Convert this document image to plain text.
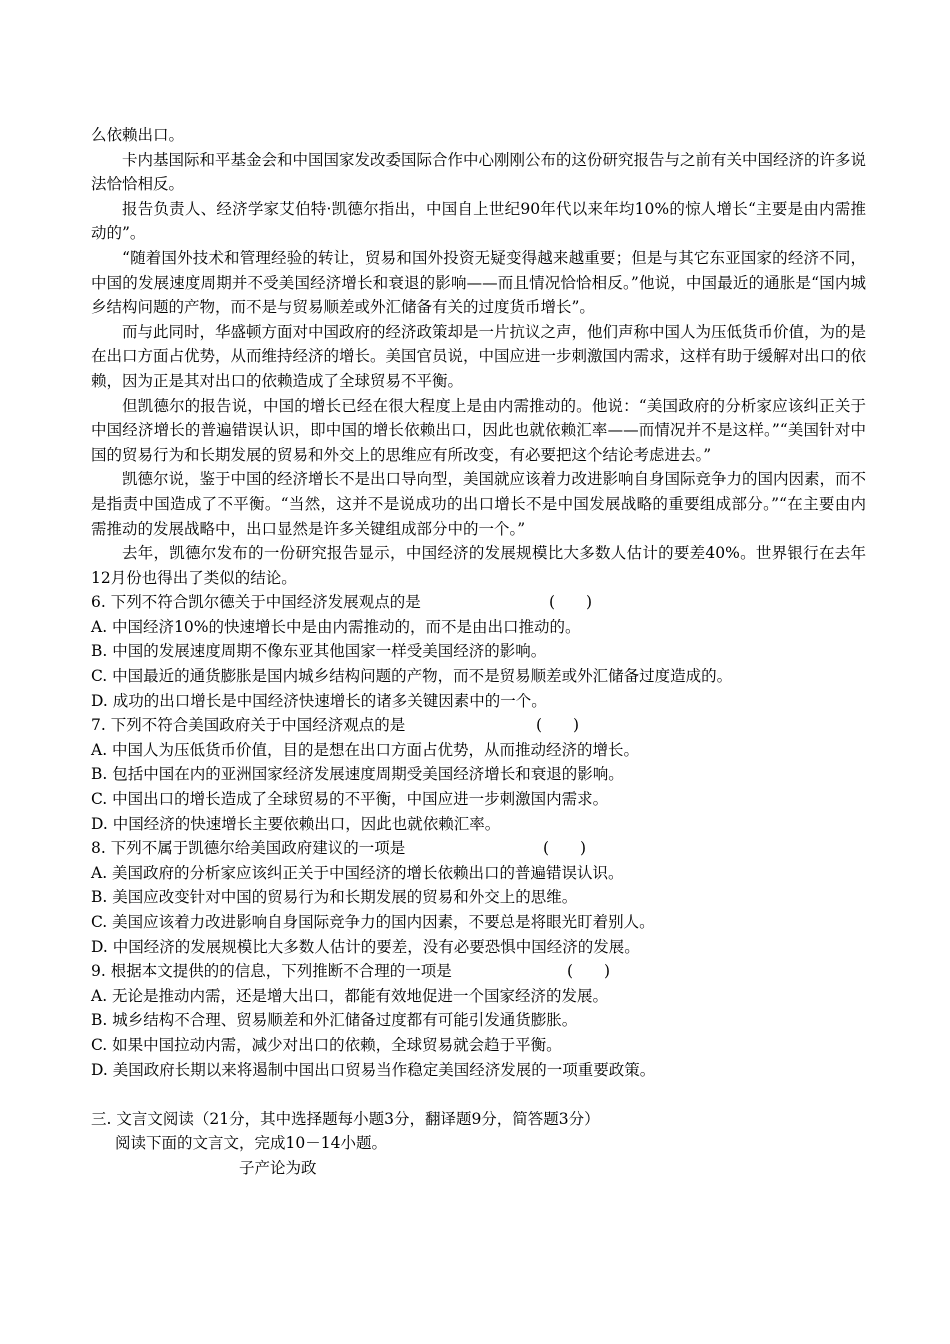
么依赖出口。

卡内基国际和平基金会和中国国家发改委国际合作中心刚刚公布的这份研究报告与之前有关中国经济的许多说法恰恰相反。

报告负责人、经济学家艾伯特·凯德尔指出，中国自上世纪90年代以来年均10%的惊人增长“主要是由内需推动的”。

“随着国外技术和管理经验的转让，贸易和国外投资无疑变得越来越重要；但是与其它东亚国家的经济不同，中国的发展速度周期并不受美国经济增长和衰退的影响——而且情况恰恰相反。”他说，中国最近的通胀是“国内城乡结构问题的产物，而不是与贸易顺差或外汇储备有关的过度货币增长”。

而与此同时，华盛顿方面对中国政府的经济政策却是一片抗议之声，他们声称中国人为压低货币价值，为的是在出口方面占优势，从而维持经济的增长。美国官员说，中国应进一步刺激国内需求，这样有助于缓解对出口的依赖，因为正是其对出口的依赖造成了全球贸易不平衡。

但凯德尔的报告说，中国的增长已经在很大程度上是由内需推动的。他说：“美国政府的分析家应该纠正关于中国经济增长的普遍错误认识，即中国的增长依赖出口，因此也就依赖汇率——而情况并不是这样。”“美国针对中国的贸易行为和长期发展的贸易和外交上的思维应有所改变，有必要把这个结论考虑进去。”

凯德尔说，鉴于中国的经济增长不是出口导向型，美国就应该着力改进影响自身国际竞争力的国内因素，而不是指责中国造成了不平衡。“当然，这并不是说成功的出口增长不是中国发展战略的重要组成部分。”“在主要由内需推动的发展战略中，出口显然是许多关键组成部分中的一个。”

去年，凯德尔发布的一份研究报告显示，中国经济的发展规模比大多数人估计的要差40%。世界银行在去年12月份也得出了类似的结论。

6. 下列不符合凯尔德关于中国经济发展观点的是	(　　)

A. 中国经济10%的快速增长中是由内需推动的，而不是由出口推动的。

B. 中国的发展速度周期不像东亚其他国家一样受美国经济的影响。

C. 中国最近的通货膨胀是国内城乡结构问题的产物，而不是贸易顺差或外汇储备过度造成的。

D. 成功的出口增长是中国经济快速增长的诸多关键因素中的一个。

7. 下列不符合美国政府关于中国经济观点的是	(　　)

A. 中国人为压低货币价值，目的是想在出口方面占优势，从而推动经济的增长。

B. 包括中国在内的亚洲国家经济发展速度周期受美国经济增长和衰退的影响。

C. 中国出口的增长造成了全球贸易的不平衡，中国应进一步刺激国内需求。

D. 中国经济的快速增长主要依赖出口，因此也就依赖汇率。

8. 下列不属于凯德尔给美国政府建议的一项是	(　　)

A. 美国政府的分析家应该纠正关于中国经济的增长依赖出口的普遍错误认识。

B. 美国应改变针对中国的贸易行为和长期发展的贸易和外交上的思维。

C. 美国应该着力改进影响自身国际竞争力的国内因素，不要总是将眼光盯着别人。

D. 中国经济的发展规模比大多数人估计的要差，没有必要恐惧中国经济的发展。

9. 根据本文提供的的信息，下列推断不合理的一项是	(　　)

A. 无论是推动内需，还是增大出口，都能有效地促进一个国家经济的发展。

B. 城乡结构不合理、贸易顺差和外汇储备过度都有可能引发通货膨胀。

C. 如果中国拉动内需，减少对出口的依赖，全球贸易就会趋于平衡。

D. 美国政府长期以来将遏制中国出口贸易当作稳定美国经济发展的一项重要政策。

三. 文言文阅读（21分，其中选择题每小题3分，翻译题9分，简答题3分）

阅读下面的文言文，完成10－14小题。

子产论为政
